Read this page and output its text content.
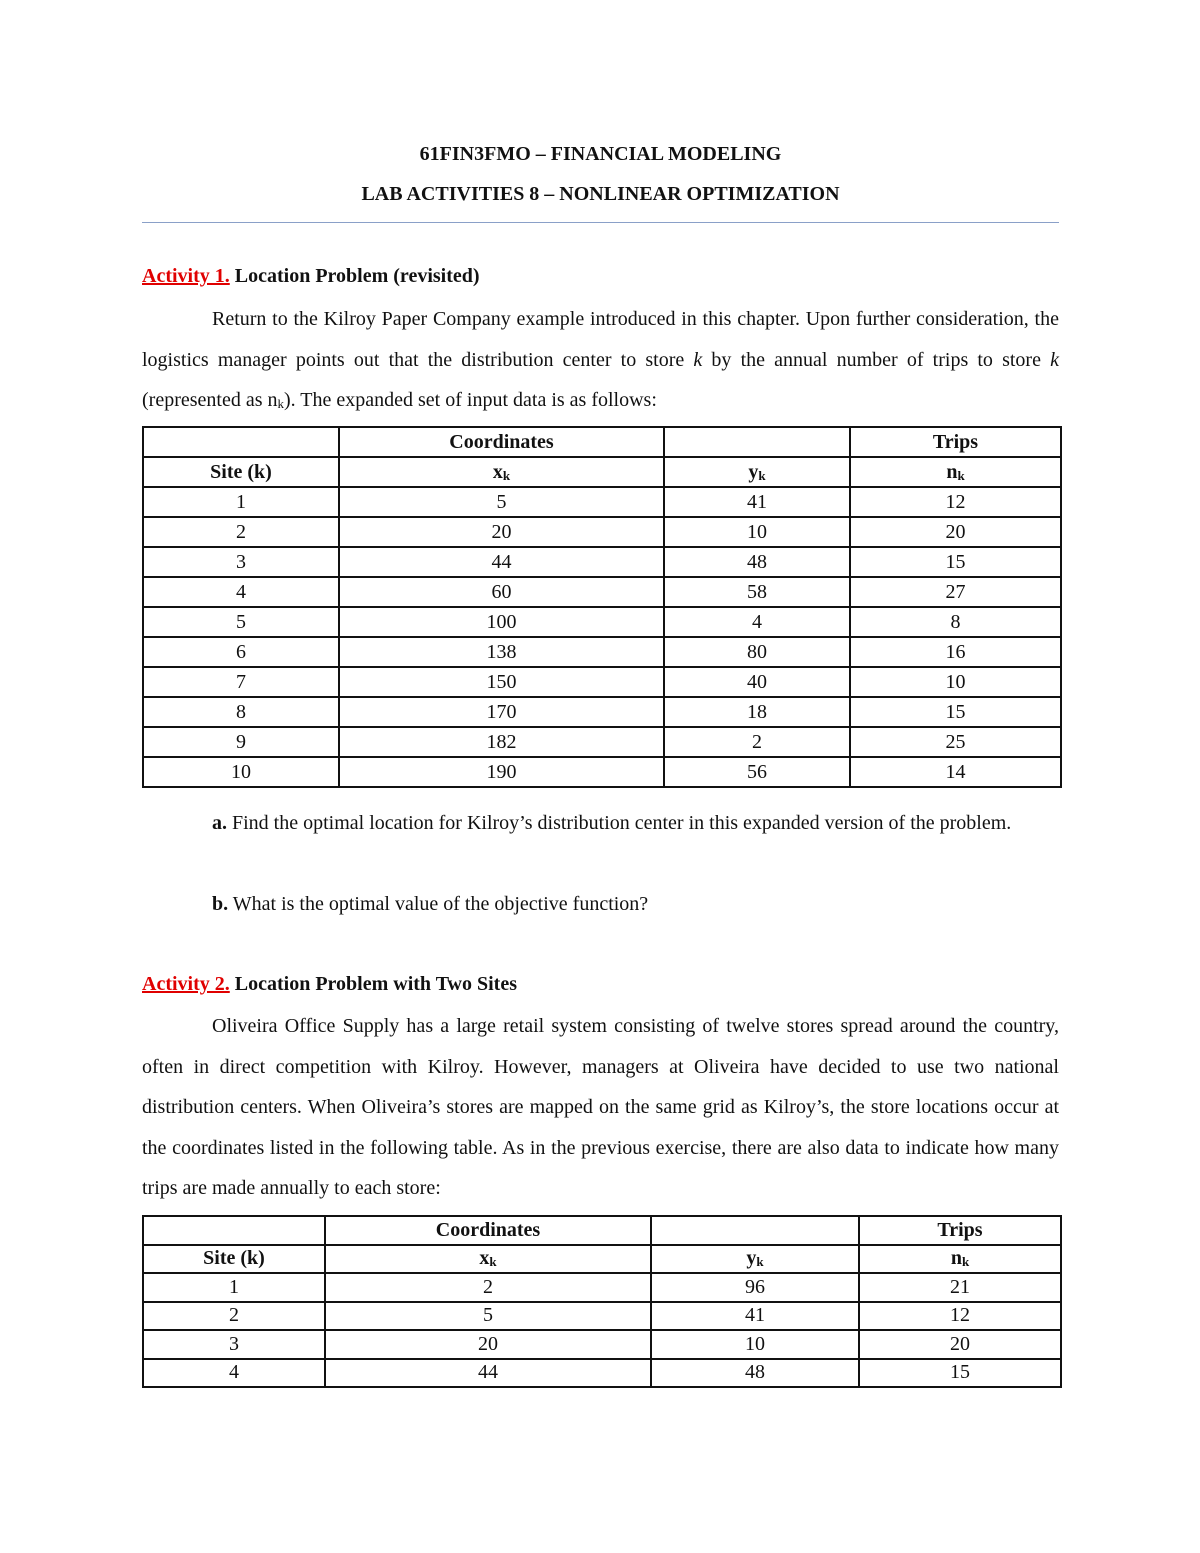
61FIN3FMO – FINANCIAL MODELING
LAB ACTIVITIES 8 – NONLINEAR OPTIMIZATION
Activity 1. Location Problem (revisited)
Return to the Kilroy Paper Company example introduced in this chapter. Upon further consideration, the logistics manager points out that the distribution center to store k by the annual number of trips to store k (represented as nk). The expanded set of input data is as follows:
	Coordinates		Trips
Site (k)	xk	yk	nk
1	5	41	12
2	20	10	20
3	44	48	15
4	60	58	27
5	100	4	8
6	138	80	16
7	150	40	10
8	170	18	15
9	182	2	25
10	190	56	14
a. Find the optimal location for Kilroy’s distribution center in this expanded version of the problem.
b. What is the optimal value of the objective function?
Activity 2. Location Problem with Two Sites
Oliveira Office Supply has a large retail system consisting of twelve stores spread around the country, often in direct competition with Kilroy. However, managers at Oliveira have decided to use two national distribution centers. When Oliveira’s stores are mapped on the same grid as Kilroy’s, the store locations occur at the coordinates listed in the following table. As in the previous exercise, there are also data to indicate how many trips are made annually to each store:
	Coordinates		Trips
Site (k)	xk	yk	nk
1	2	96	21
2	5	41	12
3	20	10	20
4	44	48	15
